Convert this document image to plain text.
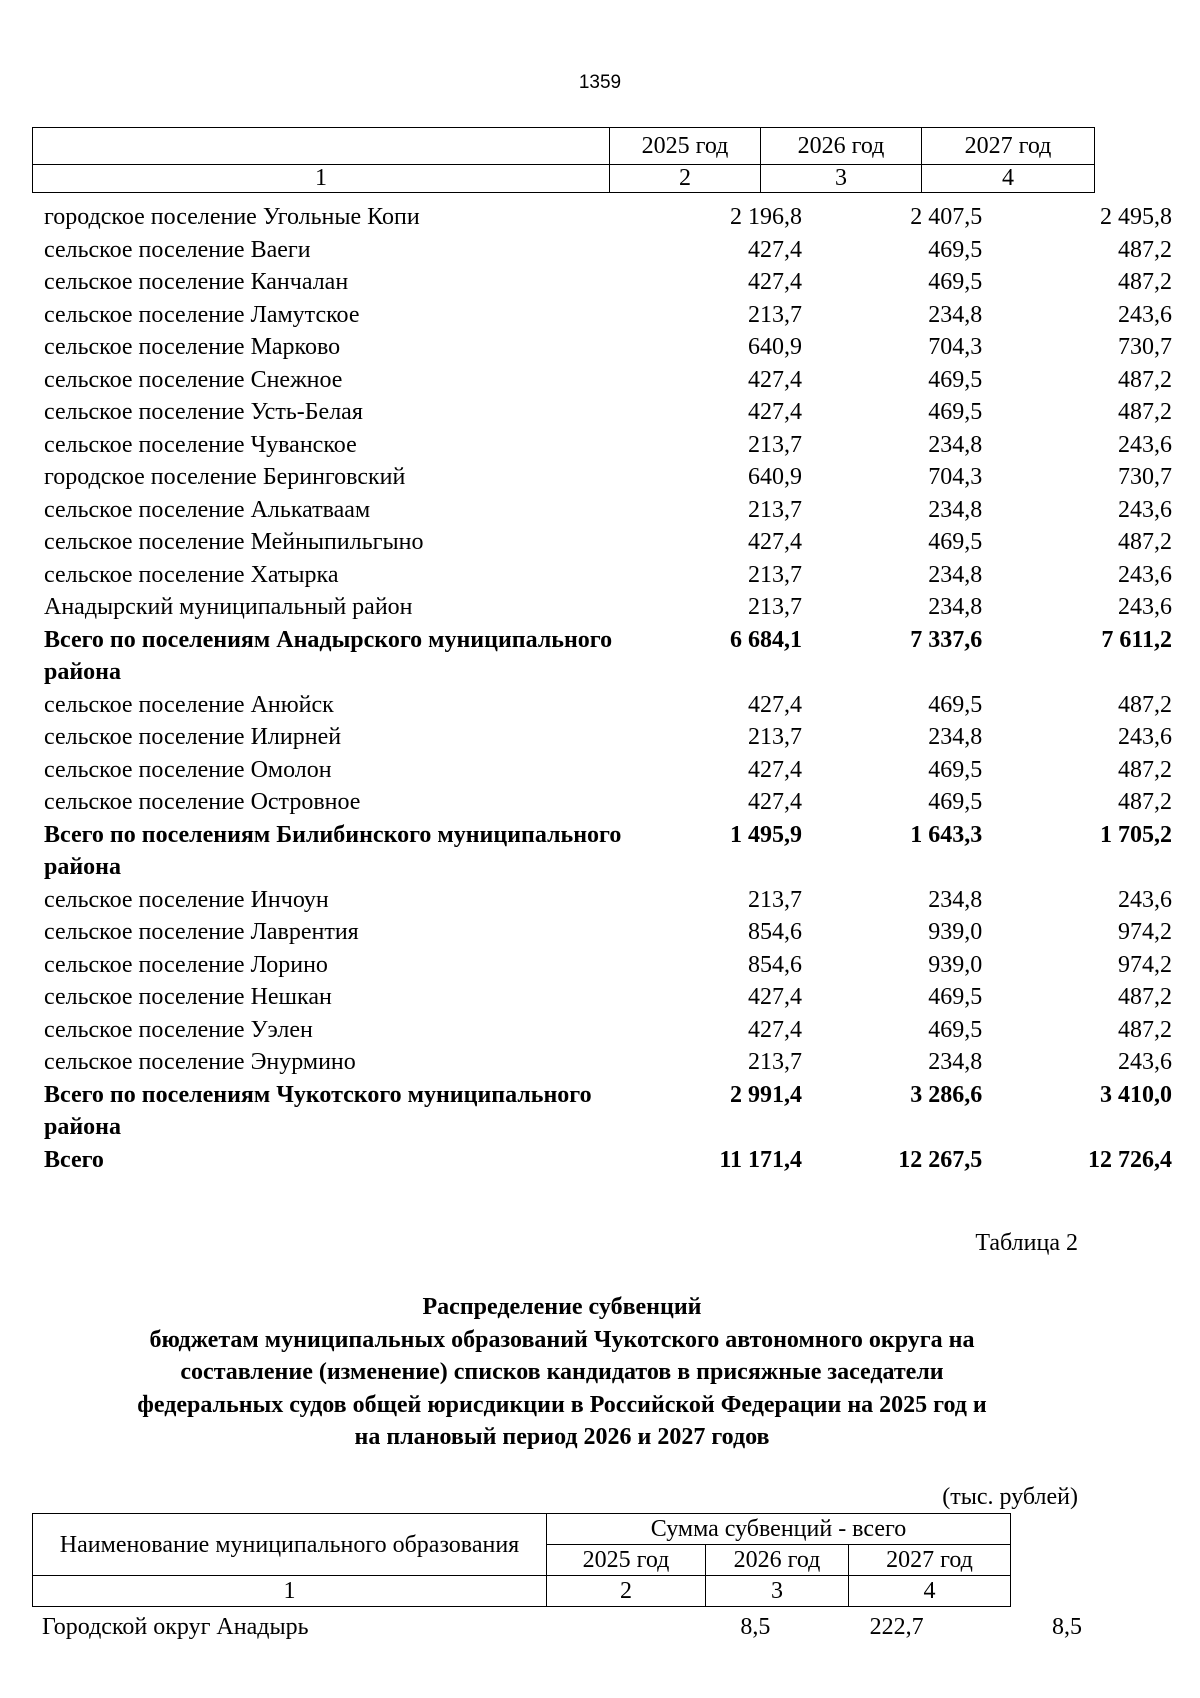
1359
	2025 год	2026 год	2027 год
1	2	3	4
городское поселение Угольные Копи	2 196,8	2 407,5	2 495,8
сельское поселение Ваеги	427,4	469,5	487,2
сельское поселение Канчалан	427,4	469,5	487,2
сельское поселение Ламутское	213,7	234,8	243,6
сельское поселение Марково	640,9	704,3	730,7
сельское поселение Снежное	427,4	469,5	487,2
сельское поселение Усть-Белая	427,4	469,5	487,2
сельское поселение Чуванское	213,7	234,8	243,6
городское поселение Беринговский	640,9	704,3	730,7
сельское поселение Алькатваам	213,7	234,8	243,6
сельское поселение Мейныпильгыно	427,4	469,5	487,2
сельское поселение Хатырка	213,7	234,8	243,6
Анадырский муниципальный район	213,7	234,8	243,6
Всего по поселениям Анадырского муниципального района	6 684,1	7 337,6	7 611,2
сельское поселение Анюйск	427,4	469,5	487,2
сельское поселение Илирней	213,7	234,8	243,6
сельское поселение Омолон	427,4	469,5	487,2
сельское поселение Островное	427,4	469,5	487,2
Всего по поселениям Билибинского муниципального района	1 495,9	1 643,3	1 705,2
сельское поселение Инчоун	213,7	234,8	243,6
сельское поселение Лаврентия	854,6	939,0	974,2
сельское поселение Лорино	854,6	939,0	974,2
сельское поселение Нешкан	427,4	469,5	487,2
сельское поселение Уэлен	427,4	469,5	487,2
сельское поселение Энурмино	213,7	234,8	243,6
Всего по поселениям Чукотского муниципального района	2 991,4	3 286,6	3 410,0
Всего	11 171,4	12 267,5	12 726,4
Таблица 2
Распределение субвенций
бюджетам муниципальных образований Чукотского автономного округа на
составление (изменение) списков кандидатов в присяжные заседатели
федеральных судов общей юрисдикции в Российской Федерации на 2025 год и
на плановый период 2026 и 2027 годов
(тыс. рублей)
Наименование муниципального образования	Сумма субвенций - всего		
	2025 год	2026 год	2027 год
1	2	3	4
Городской округ Анадырь	8,5	222,7	8,5
